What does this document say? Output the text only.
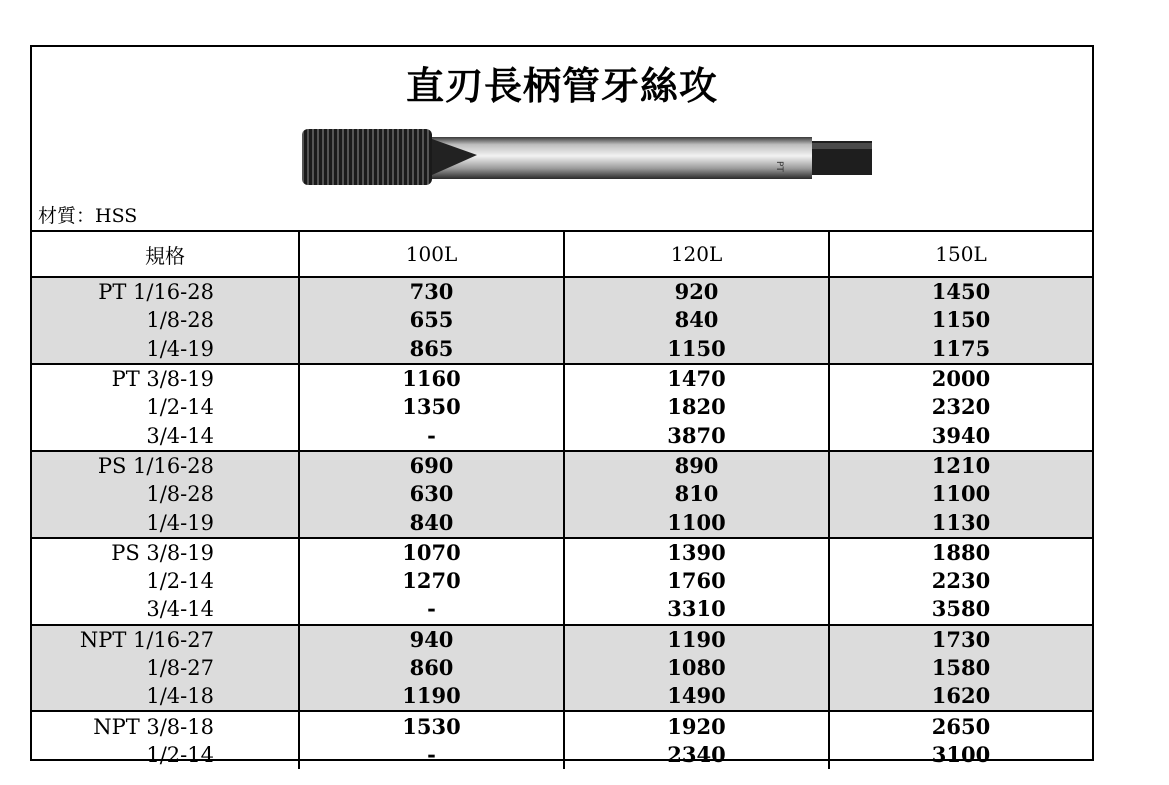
直刃長柄管牙絲攻
PT
材質：HSS
規格	100L	120L	150L
PT 1/16-28	730	920	1450
1/8-28	655	840	1150
1/4-19	865	1150	1175
PT 3/8-19	1160	1470	2000
1/2-14	1350	1820	2320
3/4-14	-	3870	3940
PS 1/16-28	690	890	1210
1/8-28	630	810	1100
1/4-19	840	1100	1130
PS 3/8-19	1070	1390	1880
1/2-14	1270	1760	2230
3/4-14	-	3310	3580
NPT 1/16-27	940	1190	1730
1/8-27	860	1080	1580
1/4-18	1190	1490	1620
NPT 3/8-18	1530	1920	2650
1/2-14	-	2340	3100
